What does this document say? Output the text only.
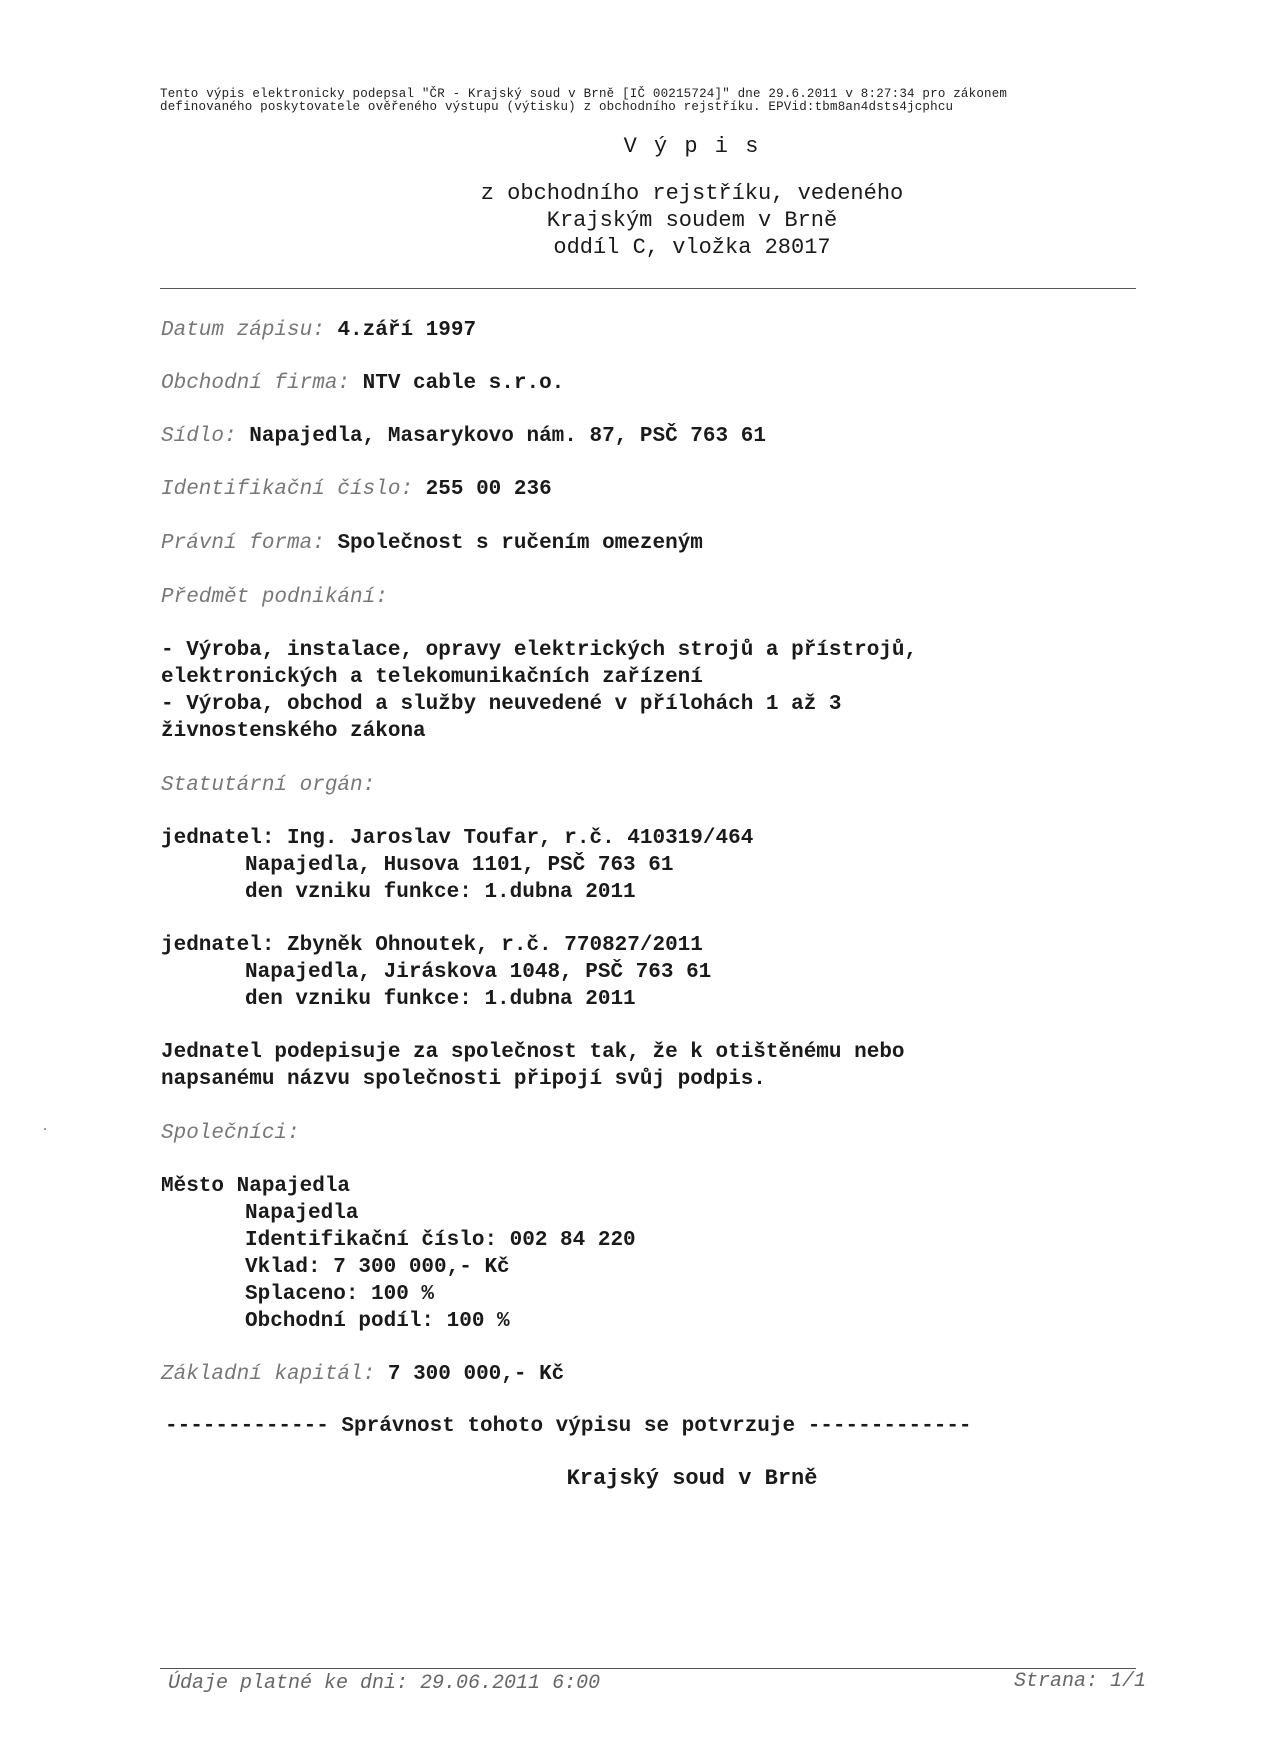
Tento výpis elektronicky podepsal "ČR - Krajský soud v Brně [IČ 00215724]" dne 29.6.2011 v 8:27:34 pro zákonem
definovaného poskytovatele ověřeného výstupu (výtisku) z obchodního rejstříku. EPVid:tbm8an4dsts4jcphcu
V ý p i s
z obchodního rejstříku, vedeného
Krajským soudem v Brně
oddíl C, vložka 28017
Datum zápisu: 4.září 1997
Obchodní firma: NTV cable s.r.o.
Sídlo: Napajedla, Masarykovo nám. 87, PSČ 763 61
Identifikační číslo: 255 00 236
Právní forma: Společnost s ručením omezeným
Předmět podnikání:
- Výroba, instalace, opravy elektrických strojů a přístrojů,
elektronických a telekomunikačních zařízení
- Výroba, obchod a služby neuvedené v přílohách 1 až 3
živnostenského zákona
Statutární orgán:
jednatel: Ing. Jaroslav Toufar, r.č. 410319/464
Napajedla, Husova 1101, PSČ 763 61
den vzniku funkce: 1.dubna 2011
jednatel: Zbyněk Ohnoutek, r.č. 770827/2011
Napajedla, Jiráskova 1048, PSČ 763 61
den vzniku funkce: 1.dubna 2011
Jednatel podepisuje za společnost tak, že k otištěnému nebo
napsanému názvu společnosti připojí svůj podpis.
Společníci:
Město Napajedla
Napajedla
Identifikační číslo: 002 84 220
Vklad: 7 300 000,- Kč
Splaceno: 100 %
Obchodní podíl: 100 %
Základní kapitál: 7 300 000,- Kč
------------- Správnost tohoto výpisu se potvrzuje -------------
Krajský soud v Brně
Údaje platné ke dni: 29.06.2011 6:00	Strana: 1/1
